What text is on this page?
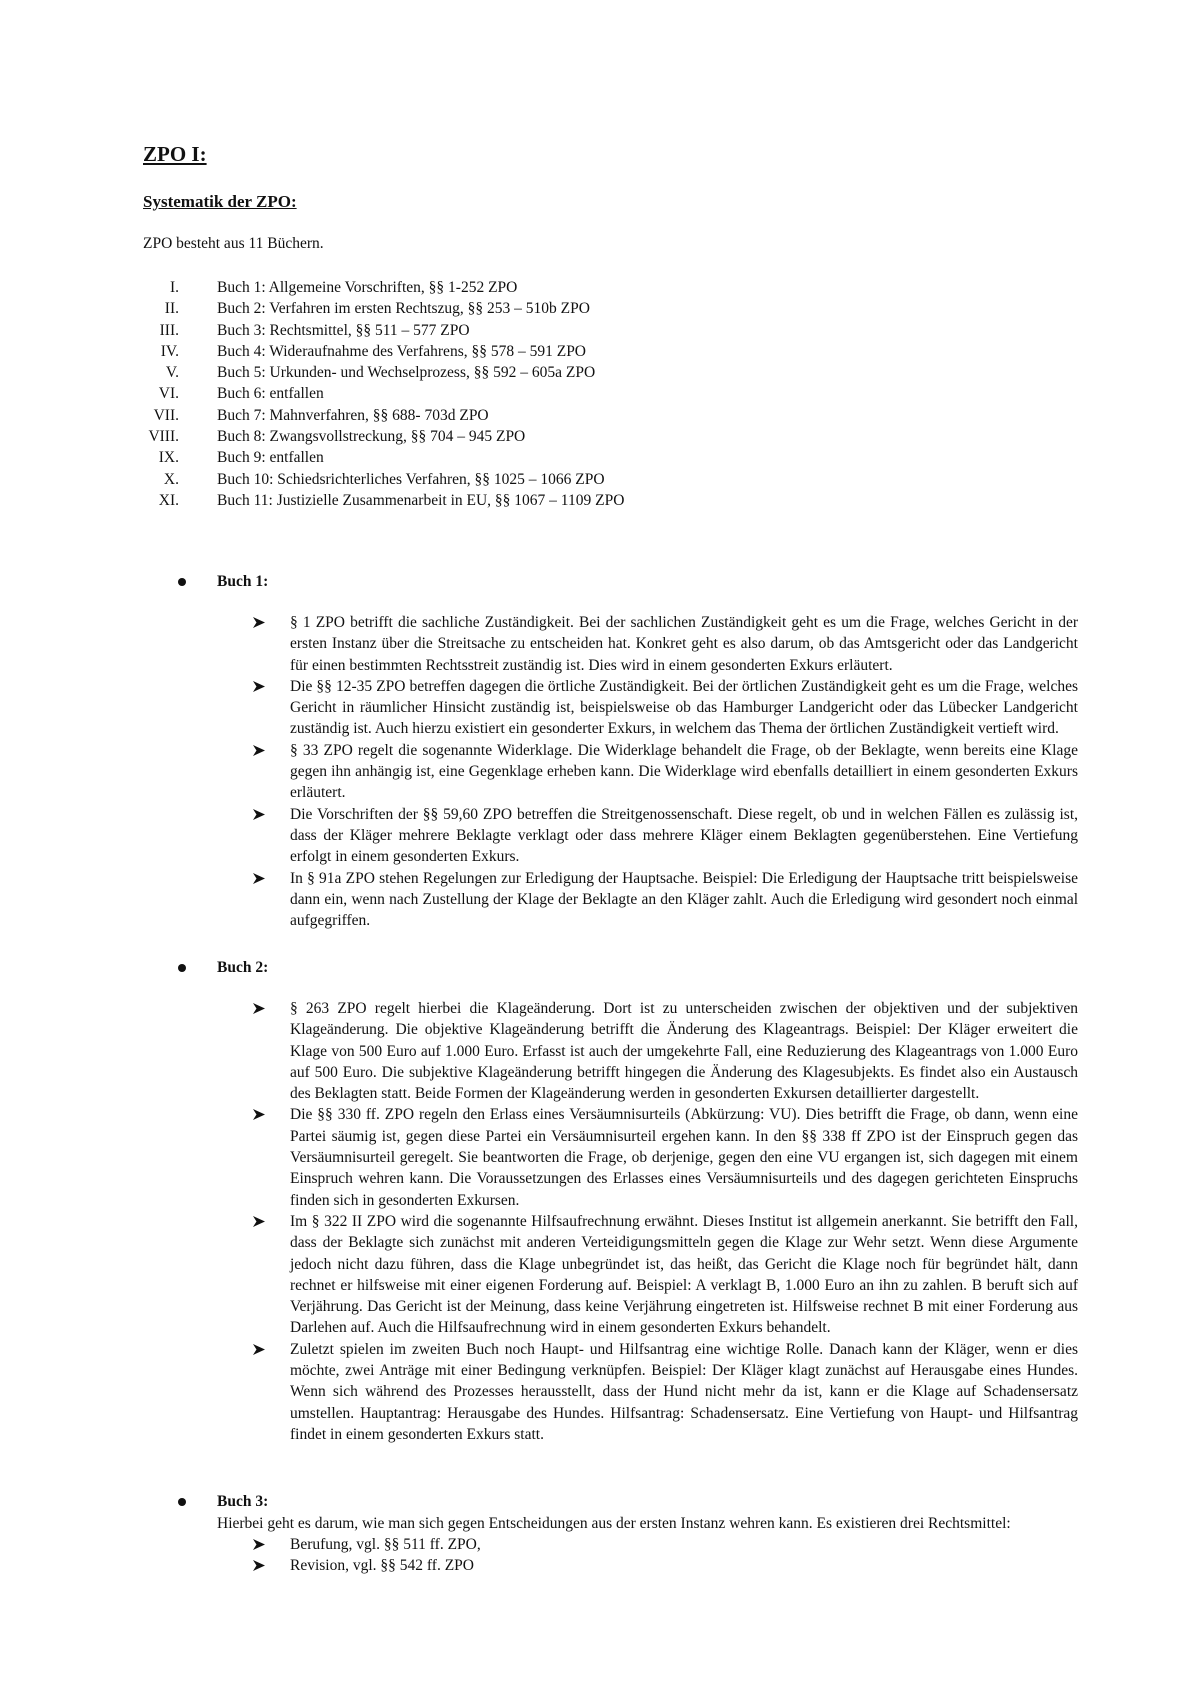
ZPO I:
Systematik der ZPO:

ZPO besteht aus 11 Büchern.

I. Buch 1: Allgemeine Vorschriften, §§ 1-252 ZPO
II. Buch 2: Verfahren im ersten Rechtszug, §§ 253 – 510b ZPO
III. Buch 3: Rechtsmittel, §§ 511 – 577 ZPO
IV. Buch 4: Wideraufnahme des Verfahrens, §§ 578 – 591 ZPO
V. Buch 5: Urkunden- und Wechselprozess, §§ 592 – 605a ZPO
VI. Buch 6: entfallen
VII. Buch 7: Mahnverfahren, §§ 688- 703d ZPO
VIII. Buch 8: Zwangsvollstreckung, §§ 704 – 945 ZPO
IX. Buch 9: entfallen
X. Buch 10: Schiedsrichterliches Verfahren, §§ 1025 – 1066 ZPO
XI. Buch 11: Justizielle Zusammenarbeit in EU, §§ 1067 – 1109 ZPO
Buch 1:
§ 1 ZPO betrifft die sachliche Zuständigkeit. Bei der sachlichen Zuständigkeit geht es um die Frage, welches Gericht in der ersten Instanz über die Streitsache zu entscheiden hat. Konkret geht es also darum, ob das Amtsgericht oder das Landgericht für einen bestimmten Rechtsstreit zuständig ist. Dies wird in einem gesonderten Exkurs erläutert.
Die §§ 12-35 ZPO betreffen dagegen die örtliche Zuständigkeit. Bei der örtlichen Zuständigkeit geht es um die Frage, welches Gericht in räumlicher Hinsicht zuständig ist, beispielsweise ob das Hamburger Landgericht oder das Lübecker Landgericht zuständig ist. Auch hierzu existiert ein gesonderter Exkurs, in welchem das Thema der örtlichen Zuständigkeit vertieft wird.
§ 33 ZPO regelt die sogenannte Widerklage. Die Widerklage behandelt die Frage, ob der Beklagte, wenn bereits eine Klage gegen ihn anhängig ist, eine Gegenklage erheben kann. Die Widerklage wird ebenfalls detailliert in einem gesonderten Exkurs erläutert.
Die Vorschriften der §§ 59,60 ZPO betreffen die Streitgenossenschaft. Diese regelt, ob und in welchen Fällen es zulässig ist, dass der Kläger mehrere Beklagte verklagt oder dass mehrere Kläger einem Beklagten gegenüberstehen. Eine Vertiefung erfolgt in einem gesonderten Exkurs.
In § 91a ZPO stehen Regelungen zur Erledigung der Hauptsache. Beispiel: Die Erledigung der Hauptsache tritt beispielsweise dann ein, wenn nach Zustellung der Klage der Beklagte an den Kläger zahlt. Auch die Erledigung wird gesondert noch einmal aufgegriffen.
Buch 2:
§ 263 ZPO regelt hierbei die Klageänderung. Dort ist zu unterscheiden zwischen der objektiven und der subjektiven Klageänderung. Die objektive Klageänderung betrifft die Änderung des Klageantrags. Beispiel: Der Kläger erweitert die Klage von 500 Euro auf 1.000 Euro. Erfasst ist auch der umgekehrte Fall, eine Reduzierung des Klageantrags von 1.000 Euro auf 500 Euro. Die subjektive Klageänderung betrifft hingegen die Änderung des Klagesubjekts. Es findet also ein Austausch des Beklagten statt. Beide Formen der Klageänderung werden in gesonderten Exkursen detaillierter dargestellt.
Die §§ 330 ff. ZPO regeln den Erlass eines Versäumnisurteils (Abkürzung: VU). Dies betrifft die Frage, ob dann, wenn eine Partei säumig ist, gegen diese Partei ein Versäumnisurteil ergehen kann. In den §§ 338 ff ZPO ist der Einspruch gegen das Versäumnisurteil geregelt. Sie beantworten die Frage, ob derjenige, gegen den eine VU ergangen ist, sich dagegen mit einem Einspruch wehren kann. Die Voraussetzungen des Erlasses eines Versäumnisurteils und des dagegen gerichteten Einspruchs finden sich in gesonderten Exkursen.
Im § 322 II ZPO wird die sogenannte Hilfsaufrechnung erwähnt. Dieses Institut ist allgemein anerkannt. Sie betrifft den Fall, dass der Beklagte sich zunächst mit anderen Verteidigungsmitteln gegen die Klage zur Wehr setzt. Wenn diese Argumente jedoch nicht dazu führen, dass die Klage unbegründet ist, das heißt, das Gericht die Klage noch für begründet hält, dann rechnet er hilfsweise mit einer eigenen Forderung auf. Beispiel: A verklagt B, 1.000 Euro an ihn zu zahlen. B beruft sich auf Verjährung. Das Gericht ist der Meinung, dass keine Verjährung eingetreten ist. Hilfsweise rechnet B mit einer Forderung aus Darlehen auf. Auch die Hilfsaufrechnung wird in einem gesonderten Exkurs behandelt.
Zuletzt spielen im zweiten Buch noch Haupt- und Hilfsantrag eine wichtige Rolle. Danach kann der Kläger, wenn er dies möchte, zwei Anträge mit einer Bedingung verknüpfen. Beispiel: Der Kläger klagt zunächst auf Herausgabe eines Hundes. Wenn sich während des Prozesses herausstellt, dass der Hund nicht mehr da ist, kann er die Klage auf Schadensersatz umstellen. Hauptantrag: Herausgabe des Hundes. Hilfsantrag: Schadensersatz. Eine Vertiefung von Haupt- und Hilfsantrag findet in einem gesonderten Exkurs statt.
Buch 3:
Hierbei geht es darum, wie man sich gegen Entscheidungen aus der ersten Instanz wehren kann. Es existieren drei Rechtsmittel:
Berufung, vgl. §§ 511 ff. ZPO,
Revision, vgl. §§ 542 ff. ZPO
